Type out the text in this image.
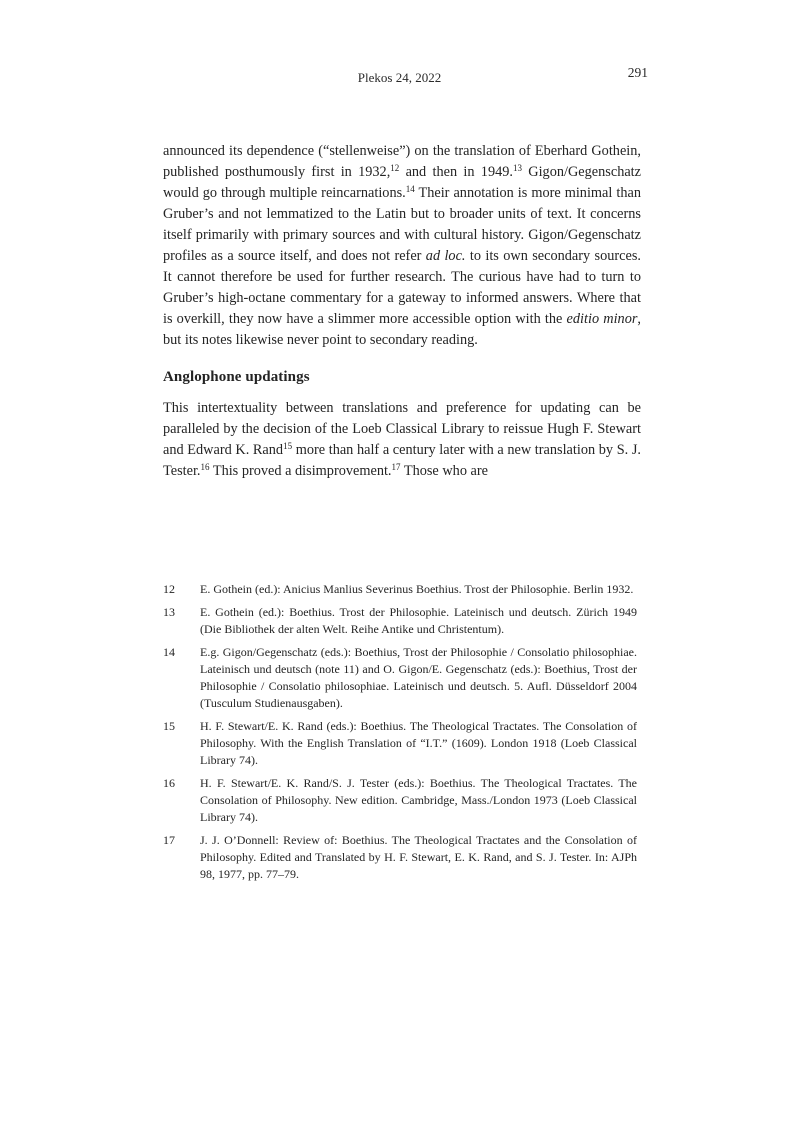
Plekos 24, 2022	291

announced its dependence (“stellenweise”) on the translation of Eberhard Gothein, published posthumously first in 1932,12 and then in 1949.13 Gigon/Gegenschatz would go through multiple reincarnations.$^{14}$ Their annotation is more minimal than Gruber’s and not lemmatized to the Latin but to broader units of text. It concerns itself primarily with primary sources and with cultural history. Gigon/Gegenschatz profiles as a source itself, and does not refer ad loc. to its own secondary sources. It cannot therefore be used for further research. The curious have had to turn to Gruber’s high-octane commentary for a gateway to informed answers. Where that is overkill, they now have a slimmer more accessible option with the editio minor, but its notes likewise never point to secondary reading.

Anglophone updatings

This intertextuality between translations and preference for updating can be paralleled by the decision of the Loeb Classical Library to reissue Hugh F. Stewart and Edward K. Rand$^{15}$ more than half a century later with a new translation by S. J. Tester.$^{16}$ This proved a disimprovement.$^{17}$ Those who are

12	E. Gothein (ed.): Anicius Manlius Severinus Boethius. Trost der Philosophie. Berlin 1932.
13	E. Gothein (ed.): Boethius. Trost der Philosophie. Lateinisch und deutsch. Zürich 1949 (Die Bibliothek der alten Welt. Reihe Antike und Christentum).
14	E.g. Gigon/Gegenschatz (eds.): Boethius, Trost der Philosophie / Consolatio philosophiae. Lateinisch und deutsch (note 11) and O. Gigon/E. Gegenschatz (eds.): Boethius, Trost der Philosophie / Consolatio philosophiae. Lateinisch und deutsch. 5. Aufl. Düsseldorf 2004 (Tusculum Studienausgaben).
15	H. F. Stewart/E. K. Rand (eds.): Boethius. The Theological Tractates. The Consolation of Philosophy. With the English Translation of “I.T.” (1609). London 1918 (Loeb Classical Library 74).
16	H. F. Stewart/E. K. Rand/S. J. Tester (eds.): Boethius. The Theological Tractates. The Consolation of Philosophy. New edition. Cambridge, Mass./London 1973 (Loeb Classical Library 74).
17	J. J. O’Donnell: Review of: Boethius. The Theological Tractates and the Consolation of Philosophy. Edited and Translated by H. F. Stewart, E. K. Rand, and S. J. Tester. In: AJPh 98, 1977, pp. 77–79.
